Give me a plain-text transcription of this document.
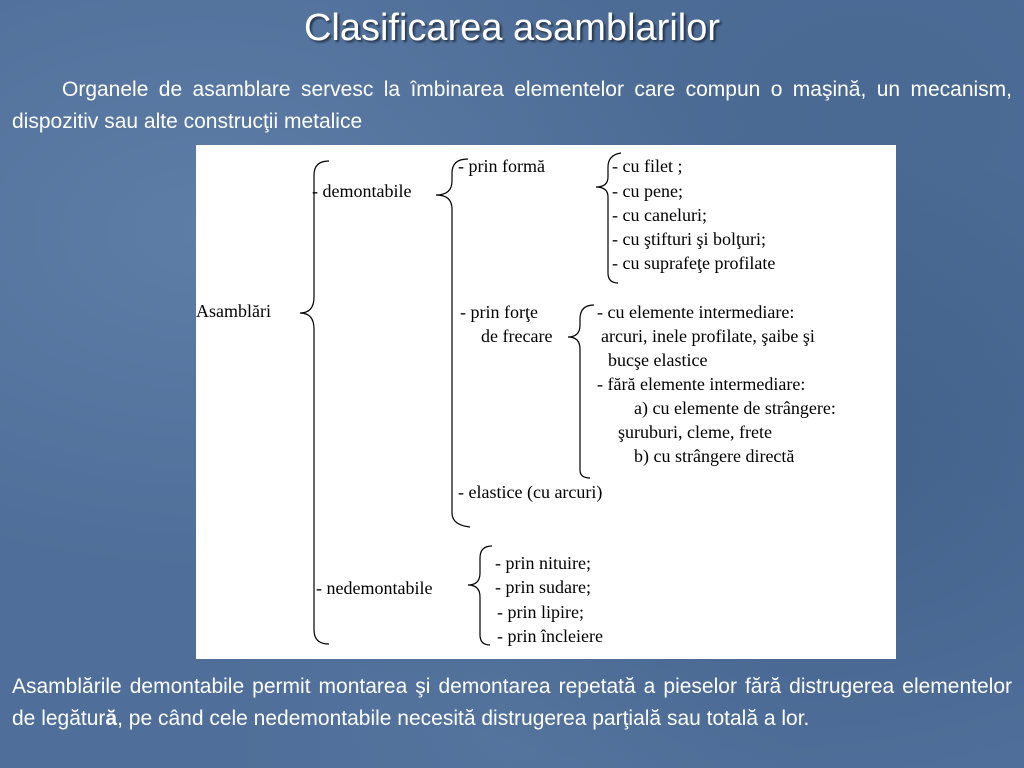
Clasificarea asamblarilor
Organele de asamblare servesc la îmbinarea elementelor care compun o maşină, un mecanism, dispozitiv sau alte construcţii metalice
Asamblări
- demontabile
- prin formă	- cu filet ;
- cu pene;
- cu caneluri;
- cu ştifturi şi bolţuri;
- cu suprafeţe profilate
- prin forţe
de frecare
- cu elemente intermediare:
arcuri, inele profilate, şaibe şi
bucşe elastice
- fără elemente intermediare:
a) cu elemente de strângere:
şuruburi, cleme, frete
b) cu strângere directă
- elastice (cu arcuri)
- nedemontabile
- prin nituire;
- prin sudare;
- prin lipire;
- prin încleiere
Asamblările demontabile permit montarea şi demontarea repetată a pieselor fără distrugerea elementelor de legătură, pe când cele nedemontabile necesită distrugerea parţială sau totală a lor.
